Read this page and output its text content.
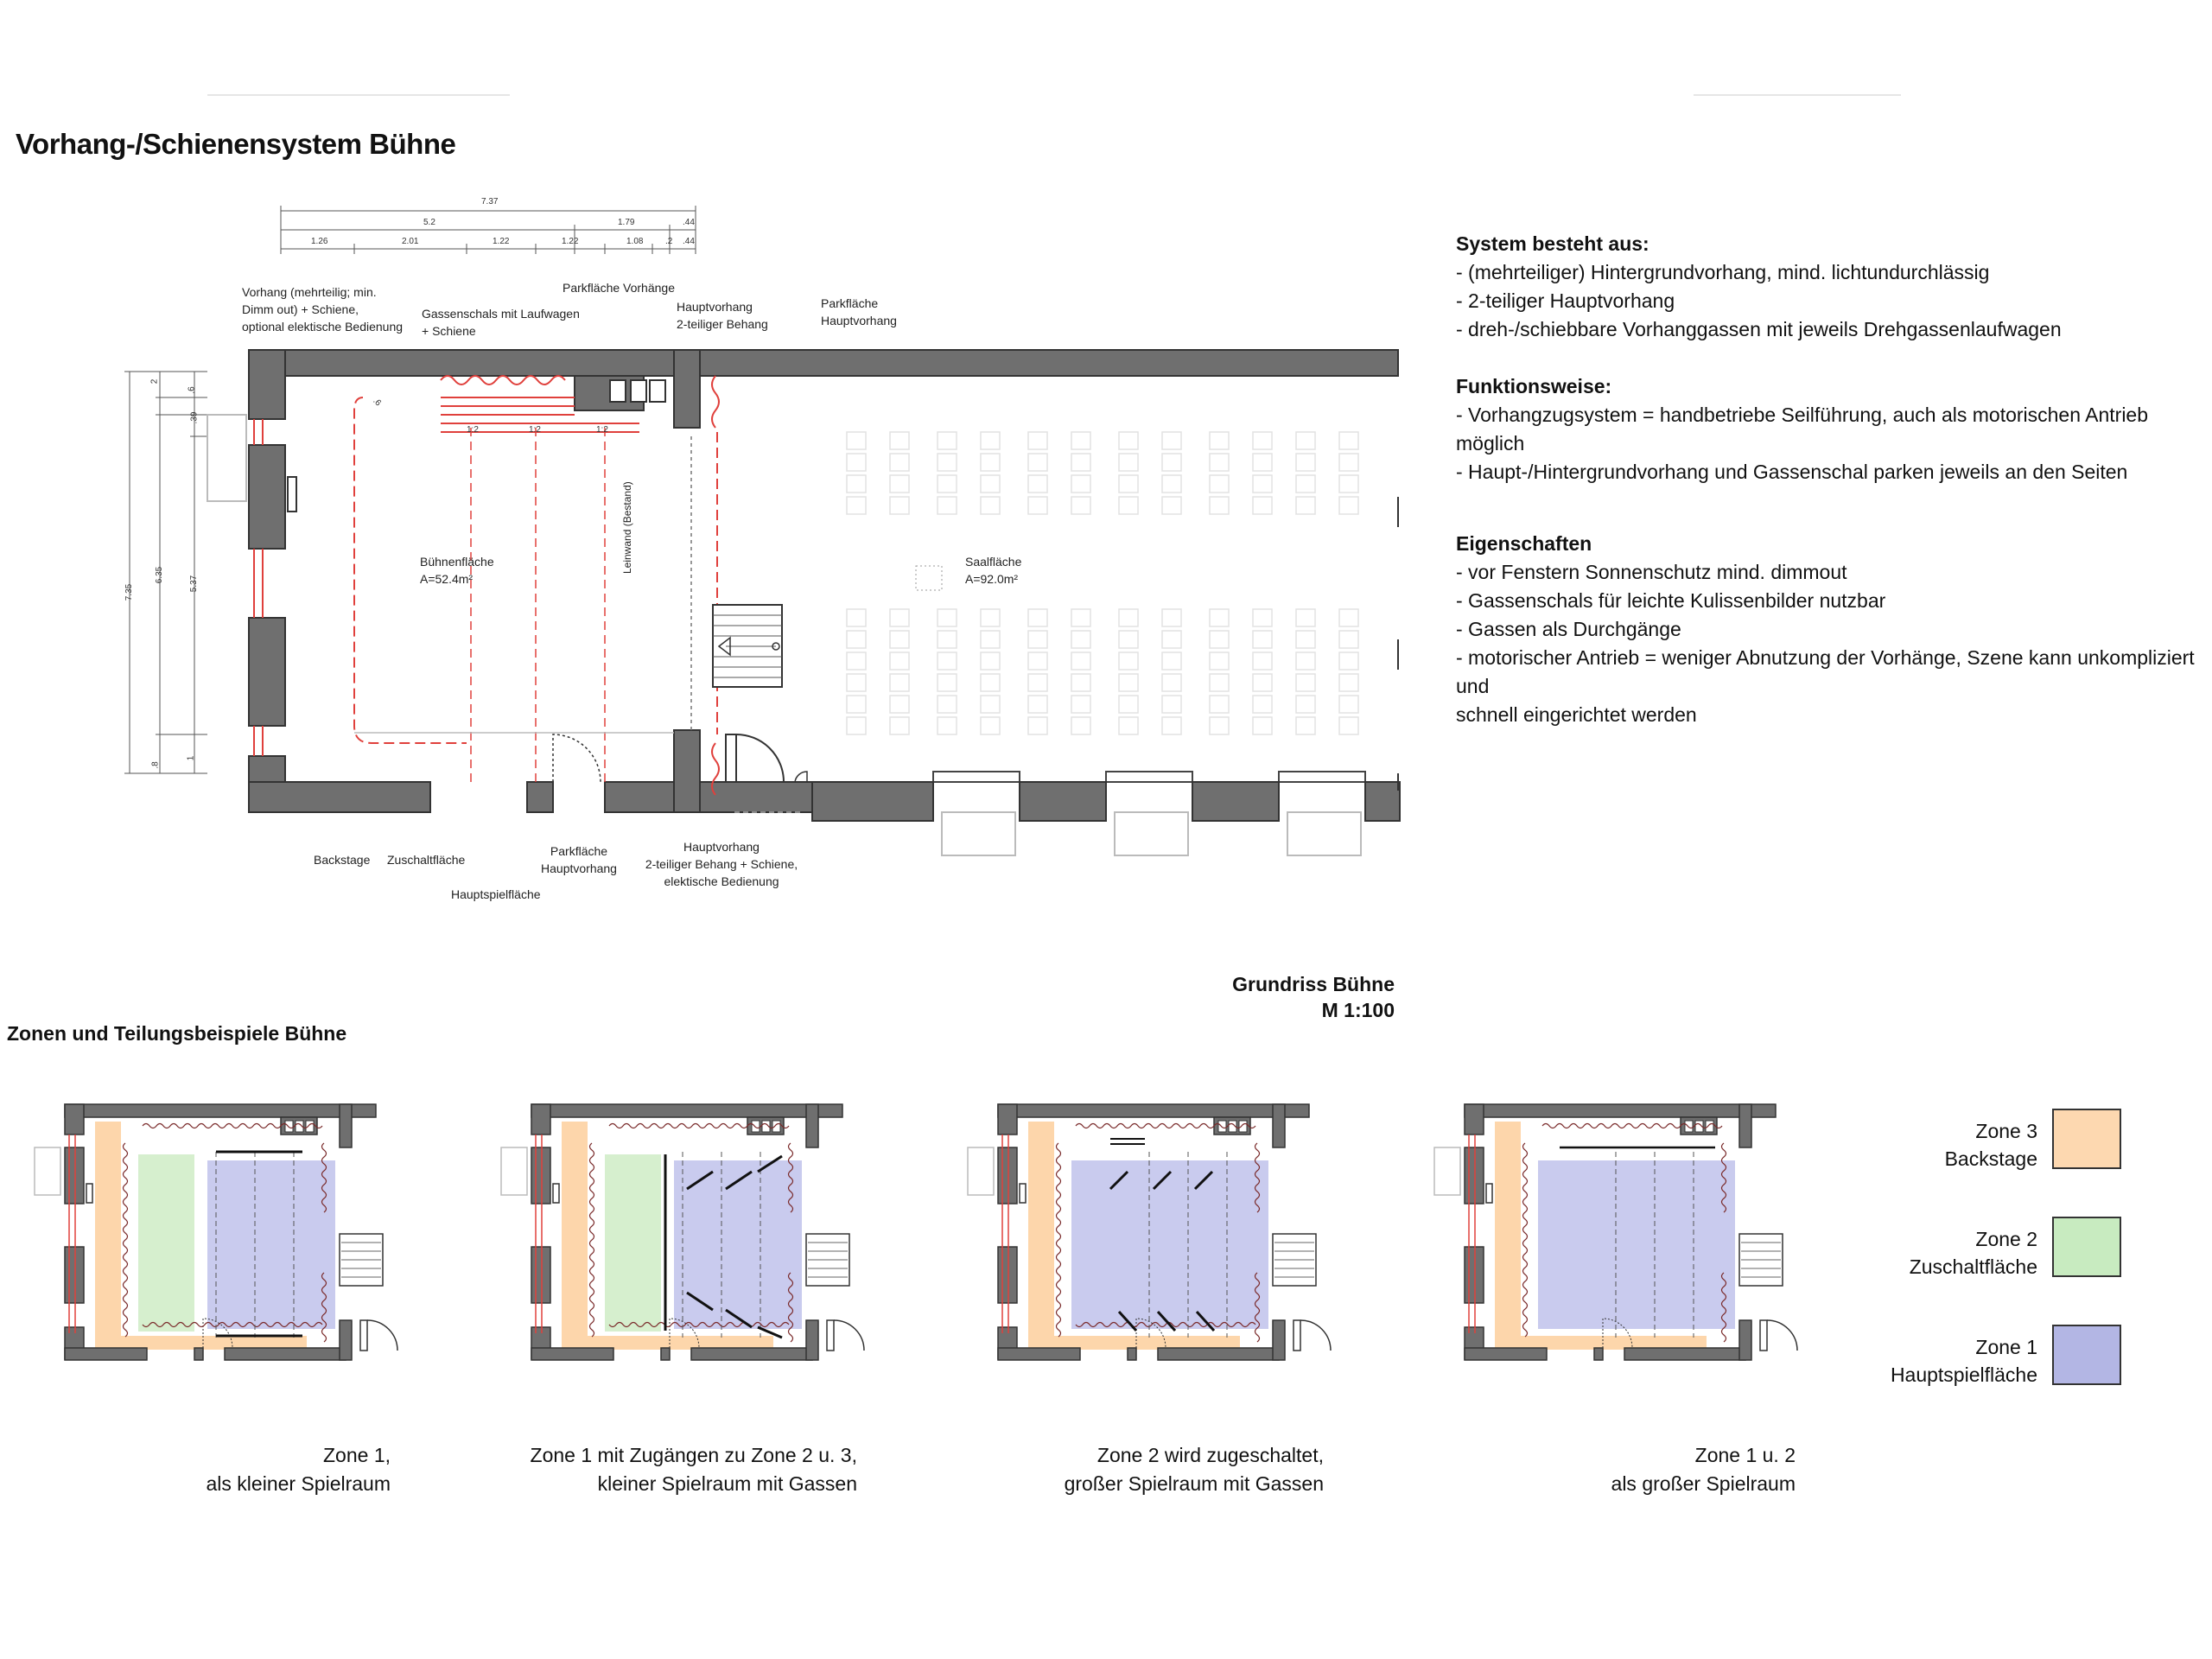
Vorhang-/Schienensystem Bühne
System besteht aus:
- (mehrteiliger) Hintergrundvorhang, mind. lichtundurchlässig
- 2-teiliger Hauptvorhang
- dreh-/schiebbare Vorhanggassen mit jeweils Drehgassenlaufwagen
Funktionsweise:
- Vorhangzugsystem = handbetriebe Seilführung, auch als motorischen Antrieb möglich
- Haupt-/Hintergrundvorhang und Gassenschal parken jeweils an den Seiten
Eigenschaften
- vor Fenstern Sonnenschutz mind. dimmout
- Gassenschals für leichte Kulissenbilder nutzbar
- Gassen als Durchgänge
- motorischer Antrieb = weniger Abnutzung der Vorhänge, Szene kann unkompliziert und
schnell eingerichtet werden
Vorhang (mehrteilig; min.
Dimm out) + Schiene,
optional elektische Bedienung
Parkfläche Vorhänge
Gassenschals mit Laufwagen
+ Schiene
Hauptvorhang
2-teiliger Behang
Parkfläche
Hauptvorhang
Bühnenfläche
A=52.4m²
Saalfläche
A=92.0m²
Leinwand (Bestand)
Backstage Zuschaltfläche
Hauptspielfläche
Parkfläche
Hauptvorhang
Hauptvorhang
2-teiliger Behang + Schiene,
elektische Bedienung
7.37
5.2	1.79	.44
1.26	2.01	1.22	1.22	1.08	.2 .44
1:2	1:2	1:2
7.35
6.35
5.37
2
.6
.39
.8
1
.6
Grundriss Bühne
M 1:100
Zonen und Teilungsbeispiele Bühne
Zone 1,
als kleiner Spielraum
Zone 1 mit Zugängen zu Zone 2 u. 3,
kleiner Spielraum mit Gassen
Zone 2 wird zugeschaltet,
großer Spielraum mit Gassen
Zone 1 u. 2
als großer Spielraum
Zone 3
Backstage
Zone 2
Zuschaltfläche
Zone 1
Hauptspielfläche
